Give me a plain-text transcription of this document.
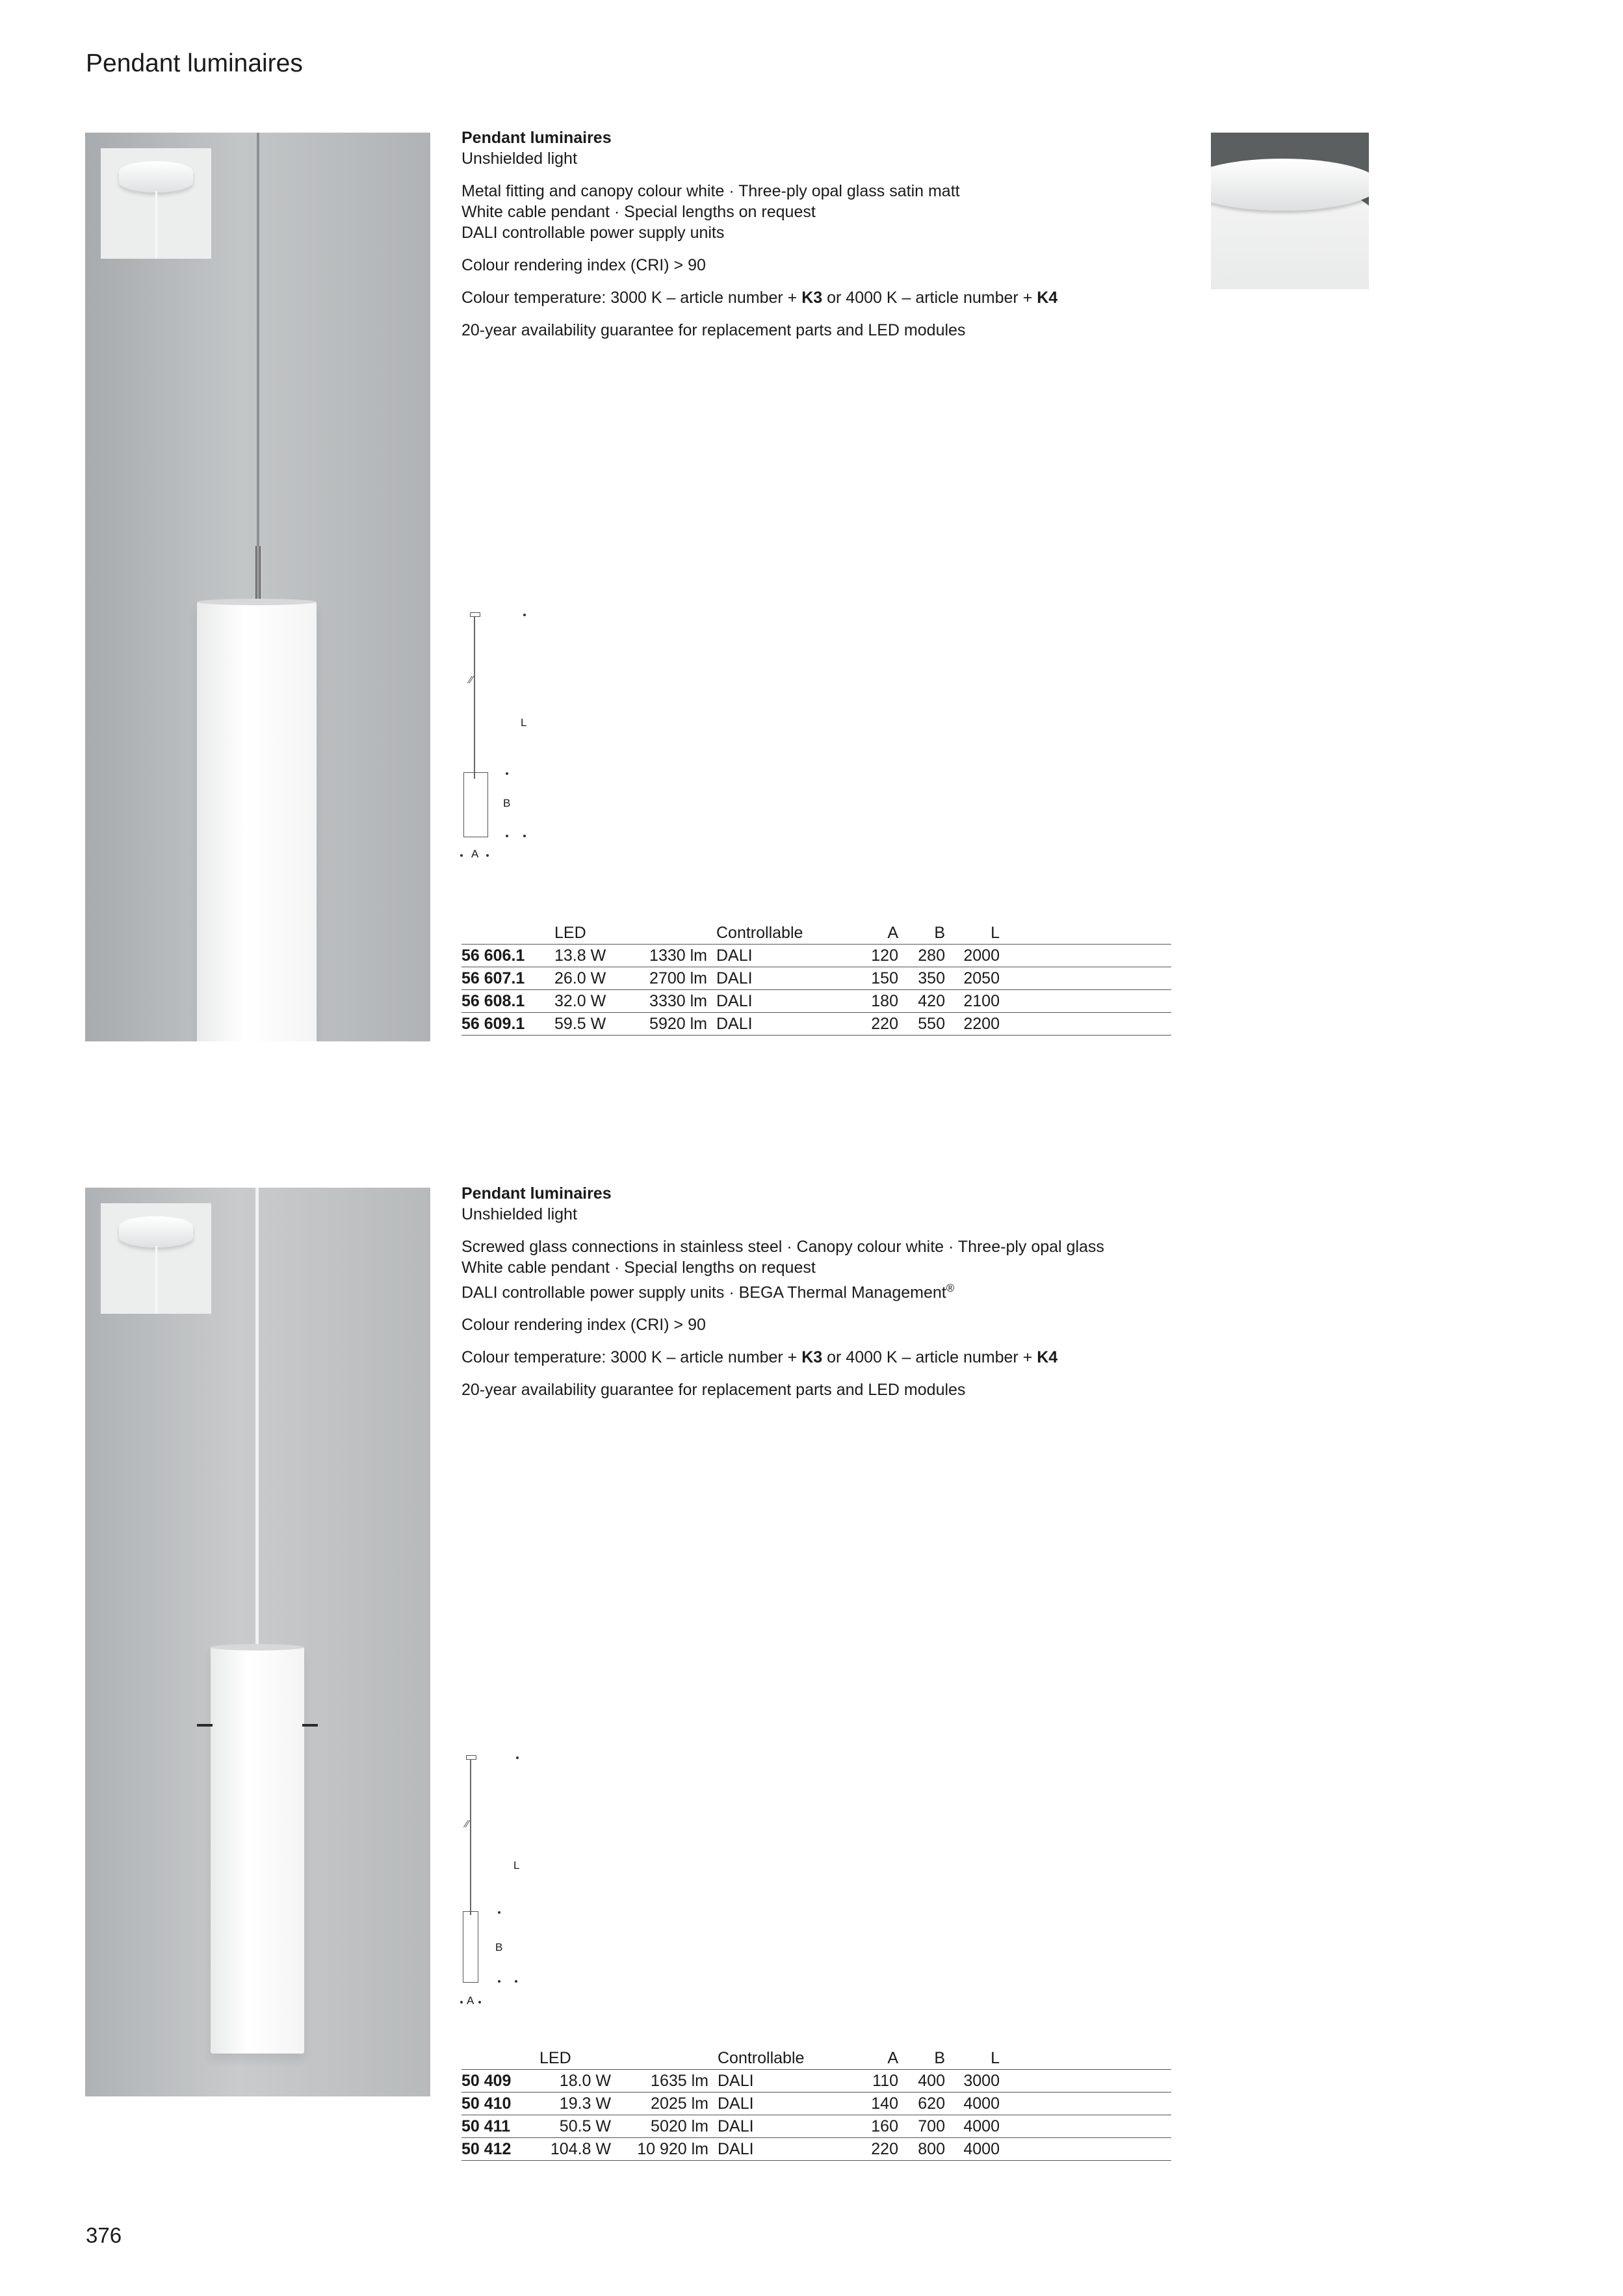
Pendant luminaires

Pendant luminaires
Unshielded light

Metal fitting and canopy colour white · Three-ply opal glass satin matt
White cable pendant · Special lengths on request
DALI controllable power supply units

Colour rendering index (CRI) > 90

Colour temperature: 3000 K – article number + K3 or 4000 K – article number + K4

20-year availability guarantee for replacement parts and LED modules

⁄⁄
L
B
A
	LED		Controllable	A	B	L	
56 606.1	13.8 W	1330 lm	DALI	120	280	2000	
56 607.1	26.0 W	2700 lm	DALI	150	350	2050	
56 608.1	32.0 W	3330 lm	DALI	180	420	2100	
56 609.1	59.5 W	5920 lm	DALI	220	550	2200	

Pendant luminaires
Unshielded light

Screwed glass connections in stainless steel · Canopy colour white · Three-ply opal glass
White cable pendant · Special lengths on request
DALI controllable power supply units · BEGA Thermal Management®

Colour rendering index (CRI) > 90

Colour temperature: 3000 K – article number + K3 or 4000 K – article number + K4

20-year availability guarantee for replacement parts and LED modules

⁄⁄
L
B
A
	LED		Controllable	A	B	L	
50 409	18.0 W	1635 lm	DALI	110	400	3000	
50 410	19.3 W	2025 lm	DALI	140	620	4000	
50 411	50.5 W	5020 lm	DALI	160	700	4000	
50 412	104.8 W	10 920 lm	DALI	220	800	4000	
376
